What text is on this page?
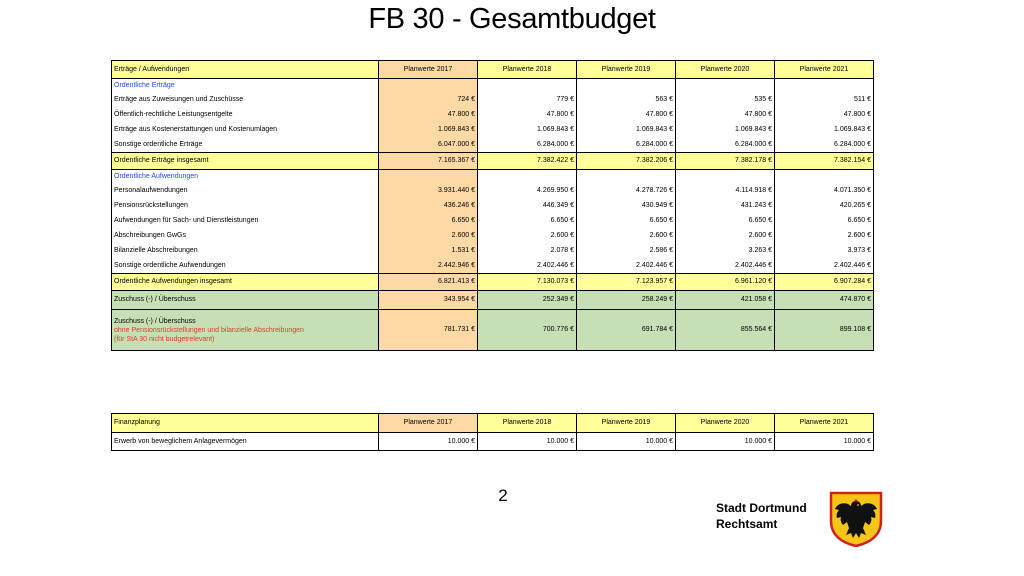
FB 30 - Gesamtbudget
Erträge / Aufwendungen	Planwerte 2017	Planwerte 2018	Planwerte 2019	Planwerte 2020	Planwerte 2021
Ordentliche Erträge					
Erträge aus Zuweisungen und Zuschüsse	724 €	779 €	563 €	535 €	511 €
Öffentlich-rechtliche Leistungsentgelte	47.800 €	47.800 €	47.800 €	47.800 €	47.800 €
Erträge aus Kostenerstattungen und Kostenumlagen	1.069.843 €	1.069.843 €	1.069.843 €	1.069.843 €	1.069.843 €
Sonstige ordentliche Erträge	6.047.000 €	6.284.000 €	6.284.000 €	6.284.000 €	6.284.000 €
Ordentliche Erträge insgesamt	7.165.367 €	7.382.422 €	7.382.206 €	7.382.178 €	7.382.154 €
Ordentliche Aufwendungen					
Personalaufwendungen	3.931.440 €	4.269.950 €	4.278.726 €	4.114.918 €	4.071.350 €
Pensionsrückstellungen	436.246 €	446.349 €	430.949 €	431.243 €	420.265 €
Aufwendungen für Sach- und Dienstleistungen	6.650 €	6.650 €	6.650 €	6.650 €	6.650 €
Abschreibungen GwGs	2.600 €	2.600 €	2.600 €	2.600 €	2.600 €
Bilanzielle Abschreibungen	1.531 €	2.078 €	2.586 €	3.263 €	3.973 €
Sonstige ordentliche Aufwendungen	2.442.946 €	2.402.446 €	2.402.446 €	2.402.446 €	2.402.446 €
Ordentliche Aufwendungen insgesamt	6.821.413 €	7.130.073 €	7.123.957 €	6.961.120 €	6.907.284 €
Zuschuss (-) / Überschuss	343.954 €	252.349 €	258.249 €	421.058 €	474.870 €

Zuschuss (-) / Überschuss
ohne Pensionsrückstellungen und bilanzielle Abschreibungen
(für StA 30 nicht budgetrelevant)	781.731 €	700.776 €	691.784 €	855.564 €	899.108 €
Finanzplanung	Planwerte 2017	Planwerte 2018	Planwerte 2019	Planwerte 2020	Planwerte 2021
Erwerb von beweglichem Anlagevermögen	10.000 €	10.000 €	10.000 €	10.000 €	10.000 €
2
Stadt Dortmund
Rechtsamt
